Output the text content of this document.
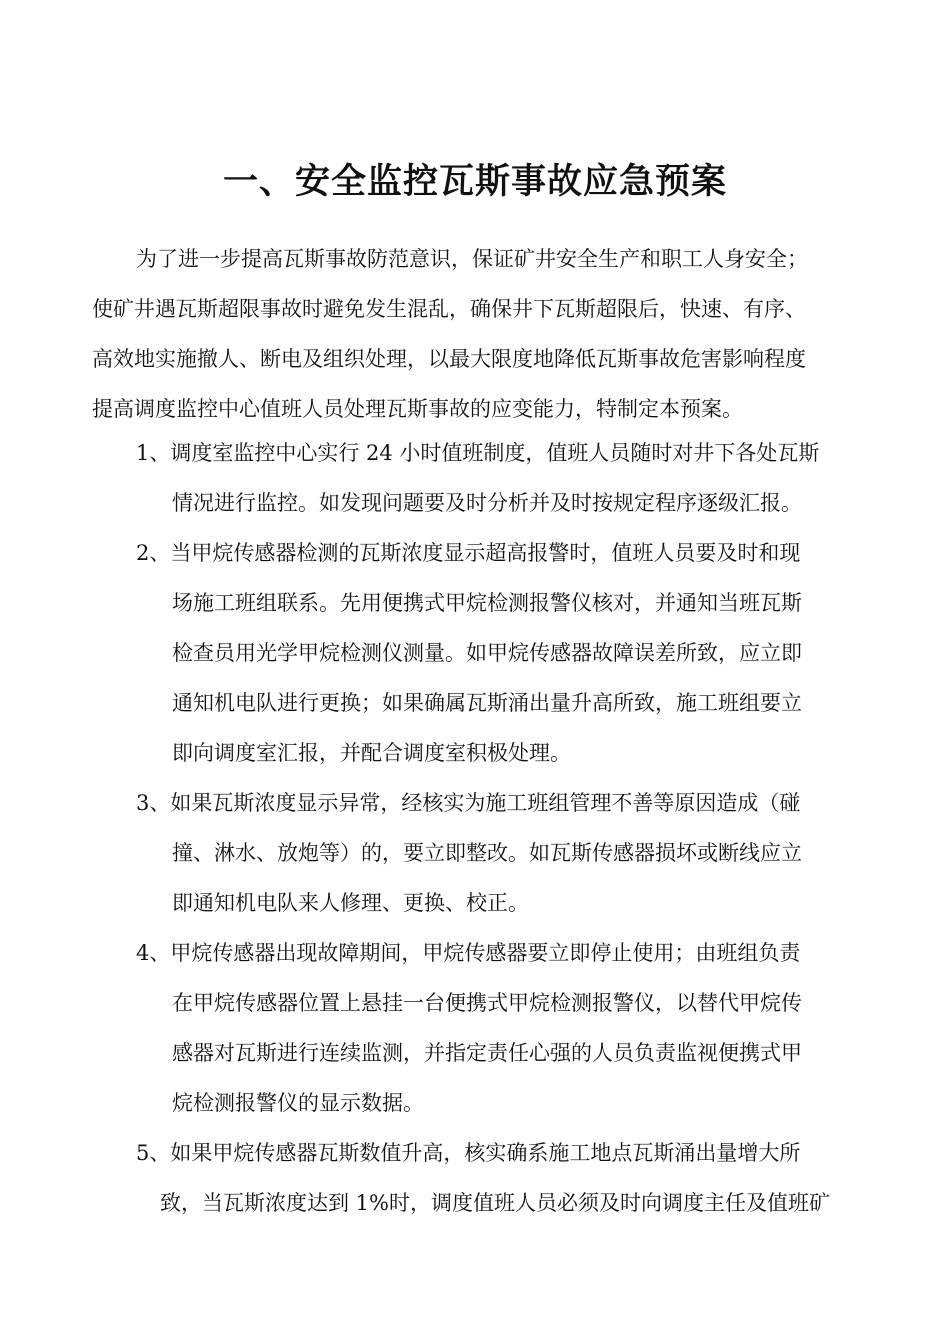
一、安全监控瓦斯事故应急预案
为了进一步提高瓦斯事故防范意识，保证矿井安全生产和职工人身安全；
使矿井遇瓦斯超限事故时避免发生混乱，确保井下瓦斯超限后，快速、有序、
高效地实施撤人、断电及组织处理，以最大限度地降低瓦斯事故危害影响程度
提高调度监控中心值班人员处理瓦斯事故的应变能力，特制定本预案。
1、调度室监控中心实行 24 小时值班制度，值班人员随时对井下各处瓦斯
情况进行监控。如发现问题要及时分析并及时按规定程序逐级汇报。
2、当甲烷传感器检测的瓦斯浓度显示超高报警时，值班人员要及时和现
场施工班组联系。先用便携式甲烷检测报警仪核对，并通知当班瓦斯
检查员用光学甲烷检测仪测量。如甲烷传感器故障误差所致，应立即
通知机电队进行更换；如果确属瓦斯涌出量升高所致，施工班组要立
即向调度室汇报，并配合调度室积极处理。
3、如果瓦斯浓度显示异常，经核实为施工班组管理不善等原因造成（碰
撞、淋水、放炮等）的，要立即整改。如瓦斯传感器损坏或断线应立
即通知机电队来人修理、更换、校正。
4、甲烷传感器出现故障期间，甲烷传感器要立即停止使用；由班组负责
在甲烷传感器位置上悬挂一台便携式甲烷检测报警仪，以替代甲烷传
感器对瓦斯进行连续监测，并指定责任心强的人员负责监视便携式甲
烷检测报警仪的显示数据。
5、如果甲烷传感器瓦斯数值升高，核实确系施工地点瓦斯涌出量增大所
致，当瓦斯浓度达到 1%时，调度值班人员必须及时向调度主任及值班矿
